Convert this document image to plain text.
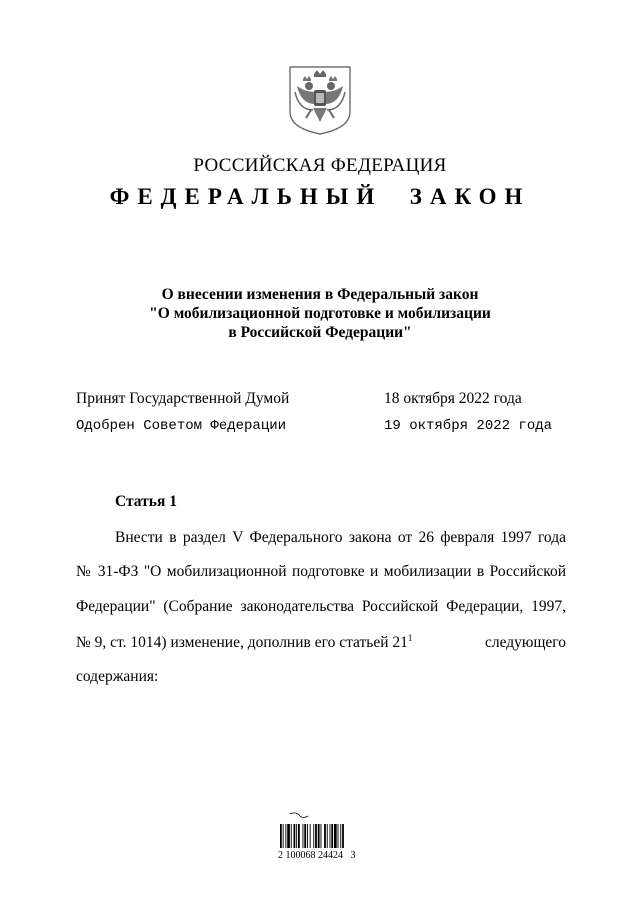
РОССИЙСКАЯ ФЕДЕРАЦИЯ
ФЕДЕРАЛЬНЫЙ  ЗАКОН
О внесении изменения в Федеральный закон
"О мобилизационной подготовке и мобилизации
в Российской Федерации"
Принят Государственной Думой	18 октября 2022 года
Одобрен Советом Федерации	19 октября 2022 года
Статья 1
Внести в раздел V Федерального закона от 26 февраля 1997 года
№ 31-ФЗ "О мобилизационной подготовке и мобилизации в Российской
Федерации" (Собрание законодательства Российской Федерации, 1997,
№ 9, ст. 1014) изменение, дополнив его статьей $21^1$	следующего
содержания:
2 100068 24424   3
